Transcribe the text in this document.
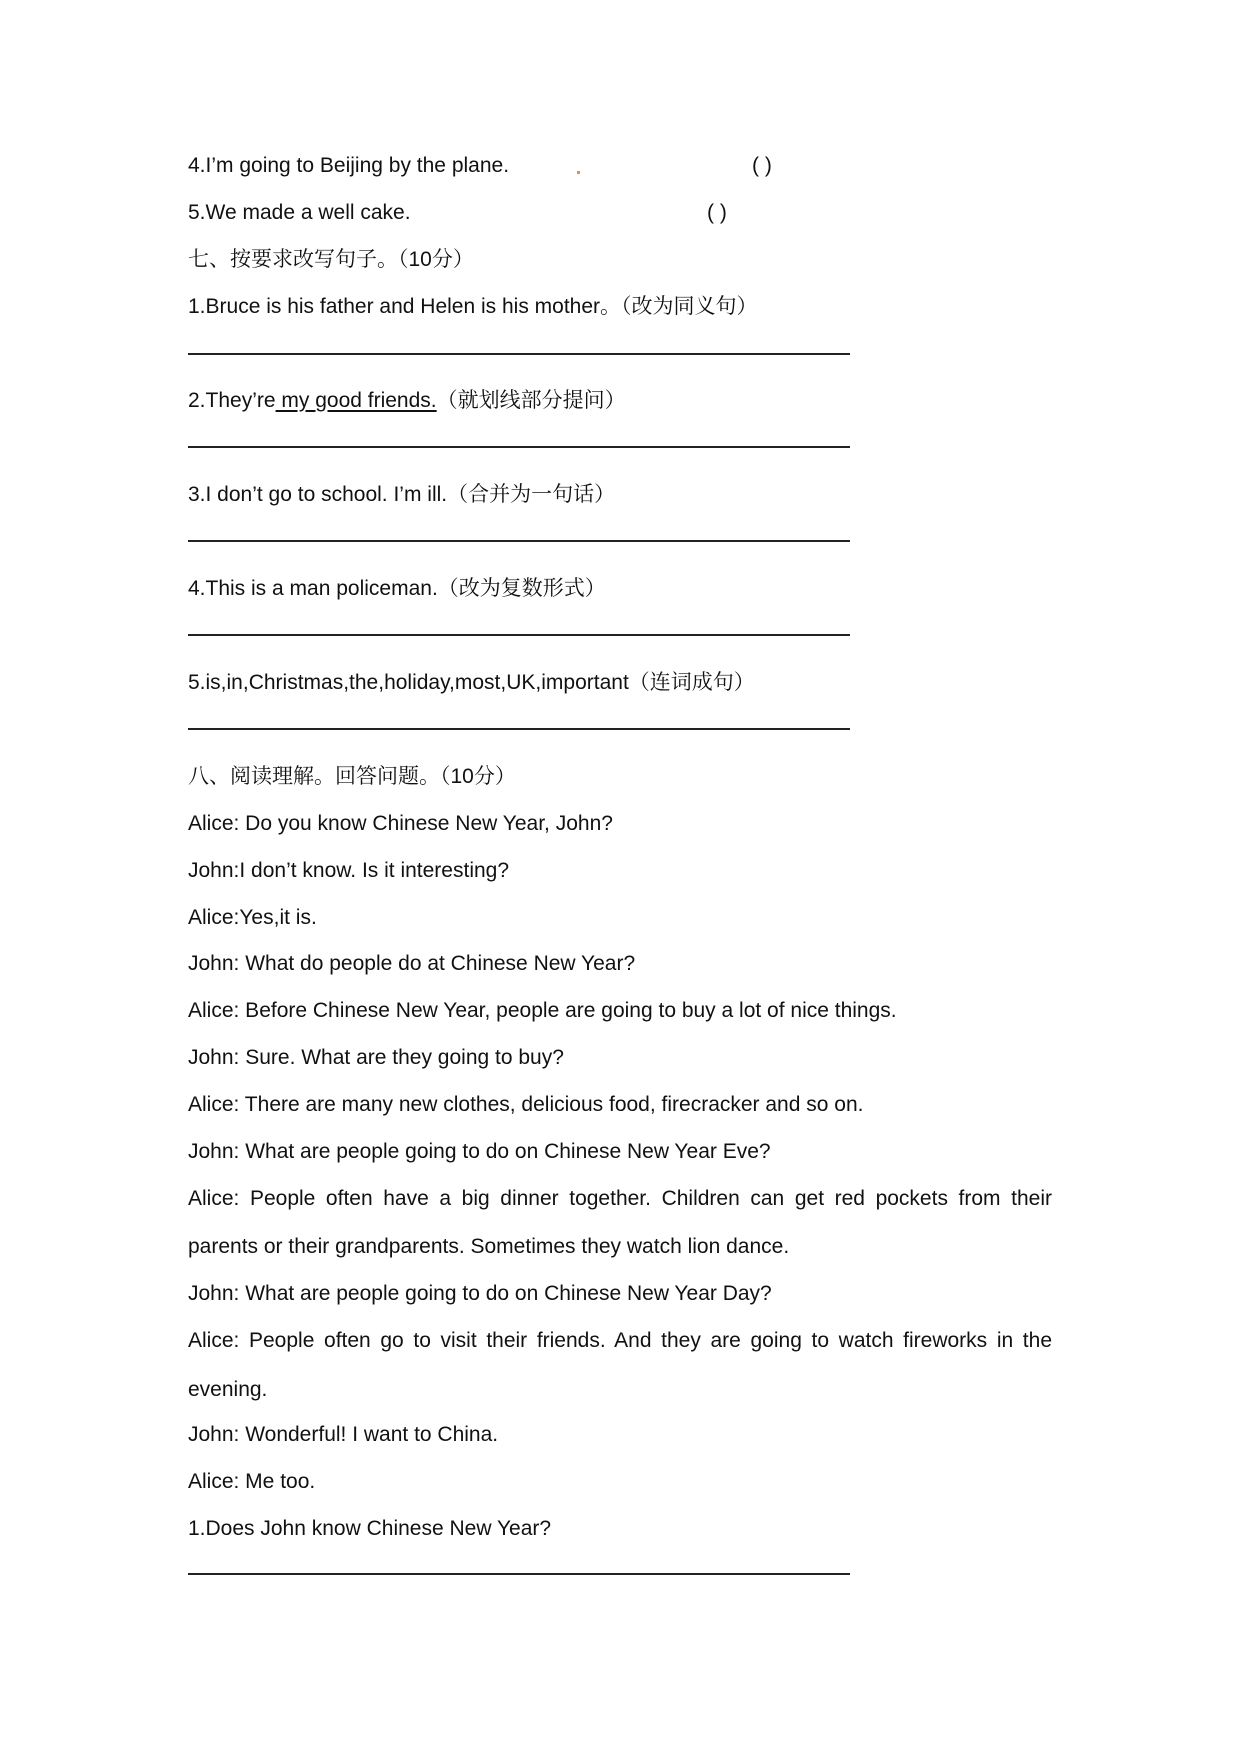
4.I’m going to Beijing by the plane.	( )
5.We made a well cake.	( )
七、按要求改写句子。（10分）
1.Bruce is his father and Helen is his mother。（改为同义句）
2.They’re my good friends.（就划线部分提问）
3.I don’t go to school. I’m ill.（合并为一句话）
4.This is a man policeman.（改为复数形式）
5.is,in,Christmas,the,holiday,most,UK,important（连词成句）
八、阅读理解。回答问题。（10分）
Alice: Do you know Chinese New Year, John?
John:I don’t know. Is it interesting?
Alice:Yes,it is.
John: What do people do at Chinese New Year?
Alice: Before Chinese New Year, people are going to buy a lot of nice things.
John: Sure. What are they going to buy?
Alice: There are many new clothes, delicious food, firecracker and so on.
John: What are people going to do on Chinese New Year Eve?
Alice: People often have a big dinner together. Children can get red pockets from their
parents or their grandparents. Sometimes they watch lion dance.
John: What are people going to do on Chinese New Year Day?
Alice: People often go to visit their friends. And they are going to watch fireworks in the
evening.
John: Wonderful! I want to China.
Alice: Me too.
1.Does John know Chinese New Year?
